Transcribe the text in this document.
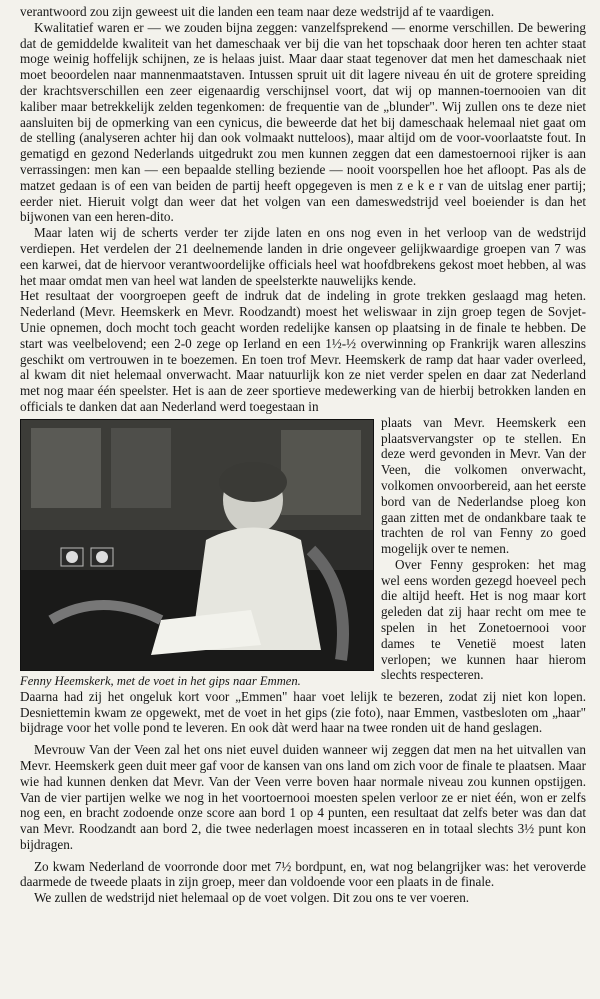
verantwoord zou zijn geweest uit die landen een team naar deze wedstrijd af te vaardigen.

Kwalitatief waren er — we zouden bijna zeggen: vanzelfsprekend — enorme verschillen. De bewering dat de gemiddelde kwaliteit van het dameschaak ver bij die van het topschaak door heren ten achter staat moge weinig hoffelijk schijnen, ze is helaas juist. Maar daar staat tegenover dat men het dameschaak niet moet beoordelen naar mannenmaatstaven. Intussen spruit uit dit lagere niveau én uit de grotere spreiding der krachtsverschillen een zeer eigenaardig verschijnsel voort, dat wij op mannen-toernooien van dit kaliber maar betrekkelijk zelden tegenkomen: de frequentie van de „blunder". Wij zullen ons te deze niet aansluiten bij de opmerking van een cynicus, die beweerde dat het bij dameschaak helemaal niet gaat om de stelling (analyseren achter hij dan ook volmaakt nutteloos), maar altijd om de voor-voorlaatste fout. In gematigd en gezond Nederlands uitgedrukt zou men kunnen zeggen dat een damestoernooi rijker is aan verrassingen: men kan — een bepaalde stelling beziende — nooit voorspellen hoe het afloopt. Pas als de matzet gedaan is of een van beiden de partij heeft opgegeven is men z e k e r van de uitslag ener partij; eerder niet. Hieruit volgt dan weer dat het volgen van een dameswedstrijd veel boeiender is dan het bijwonen van een heren-dito.

Maar laten wij de scherts verder ter zijde laten en ons nog even in het verloop van de wedstrijd verdiepen. Het verdelen der 21 deelnemende landen in drie ongeveer gelijkwaardige groepen van 7 was een karwei, dat de hiervoor verantwoordelijke officials heel wat hoofdbrekens gekost moet hebben, al was het maar omdat men van heel wat landen de speelsterkte nauwelijks kende.

Het resultaat der voorgroepen geeft de indruk dat de indeling in grote trekken geslaagd mag heten. Nederland (Mevr. Heemskerk en Mevr. Roodzandt) moest het weliswaar in zijn groep tegen de Sovjet-Unie opnemen, doch mocht toch geacht worden redelijke kansen op plaatsing in de finale te hebben. De start was veelbelovend; een 2-0 zege op Ierland en een 1½-½ overwinning op Frankrijk waren alleszins geschikt om vertrouwen in te boezemen. En toen trof Mevr. Heemskerk de ramp dat haar vader overleed, al kwam dit niet helemaal onverwacht. Maar natuurlijk kon ze niet verder spelen en daar zat Nederland met nog maar één speelster. Het is aan de zeer sportieve medewerking van de hierbij betrokken landen en officials te danken dat aan Nederland werd toegestaan in

Fenny Heemskerk, met de voet in het gips naar Emmen.

plaats van Mevr. Heemskerk een plaatsvervangster op te stellen. En deze werd gevonden in Mevr. Van der Veen, die volkomen onverwacht, volkomen onvoorbereid, aan het eerste bord van de Nederlandse ploeg kon gaan zitten met de ondankbare taak te trachten de rol van Fenny zo goed mogelijk over te nemen.

Over Fenny gesproken: het mag wel eens worden gezegd hoeveel pech die altijd heeft. Het is nog maar kort geleden dat zij haar recht om mee te spelen in het Zonetoernooi voor dames te Venetië moest laten verlopen; we kunnen haar hierom slechts respecteren.

Daarna had zij het ongeluk kort voor „Emmen" haar voet lelijk te bezeren, zodat zij niet kon lopen. Desniettemin kwam ze opgewekt, met de voet in het gips (zie foto), naar Emmen, vastbesloten om „haar" bijdrage voor het volle pond te leveren. En ook dàt werd haar na twee ronden uit de hand geslagen.

Mevrouw Van der Veen zal het ons niet euvel duiden wanneer wij zeggen dat men na het uitvallen van Mevr. Heemskerk geen duit meer gaf voor de kansen van ons land om zich voor de finale te plaatsen. Maar wie had kunnen denken dat Mevr. Van der Veen verre boven haar normale niveau zou kunnen opstijgen. Van de vier partijen welke we nog in het voortoernooi moesten spelen verloor ze er niet één, won er zelfs nog een, en bracht zodoende onze score aan bord 1 op 4 punten, een resultaat dat zelfs beter was dan dat van Mevr. Roodzandt aan bord 2, die twee nederlagen moest incasseren en in totaal slechts 3½ punt kon bijdragen.

Zo kwam Nederland de voorronde door met 7½ bordpunt, en, wat nog belangrijker was: het veroverde daarmede de tweede plaats in zijn groep, meer dan voldoende voor een plaats in de finale.

We zullen de wedstrijd niet helemaal op de voet volgen. Dit zou ons te ver voeren.
